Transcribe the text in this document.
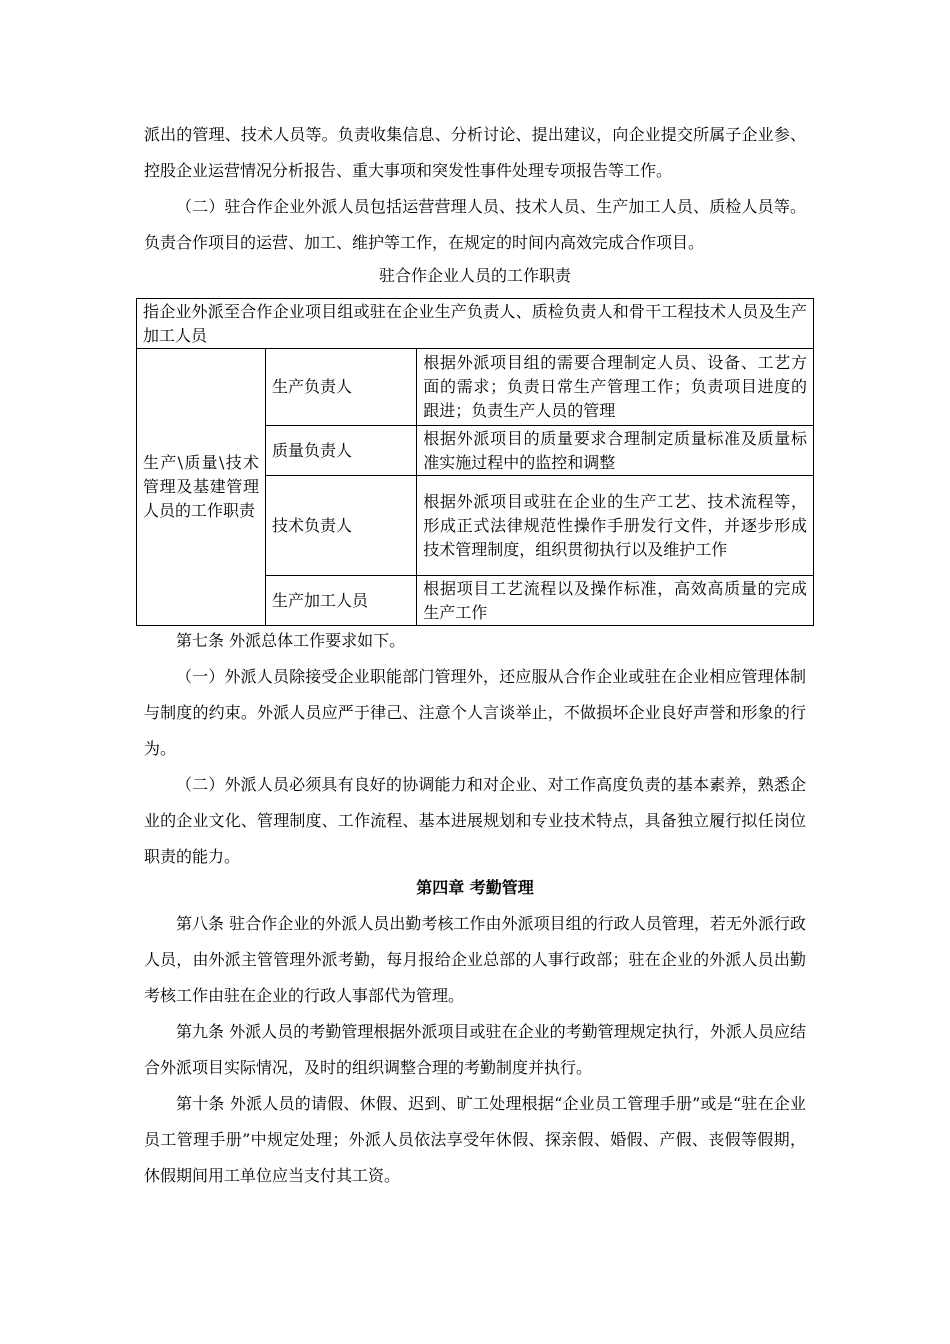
派出的管理、技术人员等。负责收集信息、分析讨论、提出建议，向企业提交所属子企业参、控股企业运营情况分析报告、重大事项和突发性事件处理专项报告等工作。

（二）驻合作企业外派人员包括运营营理人员、技术人员、生产加工人员、质检人员等。负责合作项目的运营、加工、维护等工作，在规定的时间内高效完成合作项目。

驻合作企业人员的工作职责
指企业外派至合作企业项目组或驻在企业生产负责人、质检负责人和骨干工程技术人员及生产加工人员		
生产\质量\技术管理及基建管理人员的工作职责	生产负责人	根据外派项目组的需要合理制定人员、设备、工艺方面的需求；负责日常生产管理工作；负责项目进度的跟进；负责生产人员的管理
	质量负责人	根据外派项目的质量要求合理制定质量标准及质量标准实施过程中的监控和调整
	技术负责人	根据外派项目或驻在企业的生产工艺、技术流程等，形成正式法律规范性操作手册发行文件，并逐步形成技术管理制度，组织贯彻执行以及维护工作
	生产加工人员	根据项目工艺流程以及操作标准，高效高质量的完成生产工作

第七条 外派总体工作要求如下。

（一）外派人员除接受企业职能部门管理外，还应服从合作企业或驻在企业相应管理体制与制度的约束。外派人员应严于律己、注意个人言谈举止，不做损坏企业良好声誉和形象的行为。

（二）外派人员必须具有良好的协调能力和对企业、对工作高度负责的基本素养，熟悉企业的企业文化、管理制度、工作流程、基本进展规划和专业技术特点，具备独立履行拟任岗位职责的能力。

第四章 考勤管理

第八条 驻合作企业的外派人员出勤考核工作由外派项目组的行政人员管理，若无外派行政人员，由外派主管管理外派考勤，每月报给企业总部的人事行政部；驻在企业的外派人员出勤考核工作由驻在企业的行政人事部代为管理。

第九条 外派人员的考勤管理根据外派项目或驻在企业的考勤管理规定执行，外派人员应结合外派项目实际情况，及时的组织调整合理的考勤制度并执行。

第十条 外派人员的请假、休假、迟到、旷工处理根据“企业员工管理手册”或是“驻在企业员工管理手册”中规定处理；外派人员依法享受年休假、探亲假、婚假、产假、丧假等假期，休假期间用工单位应当支付其工资。
